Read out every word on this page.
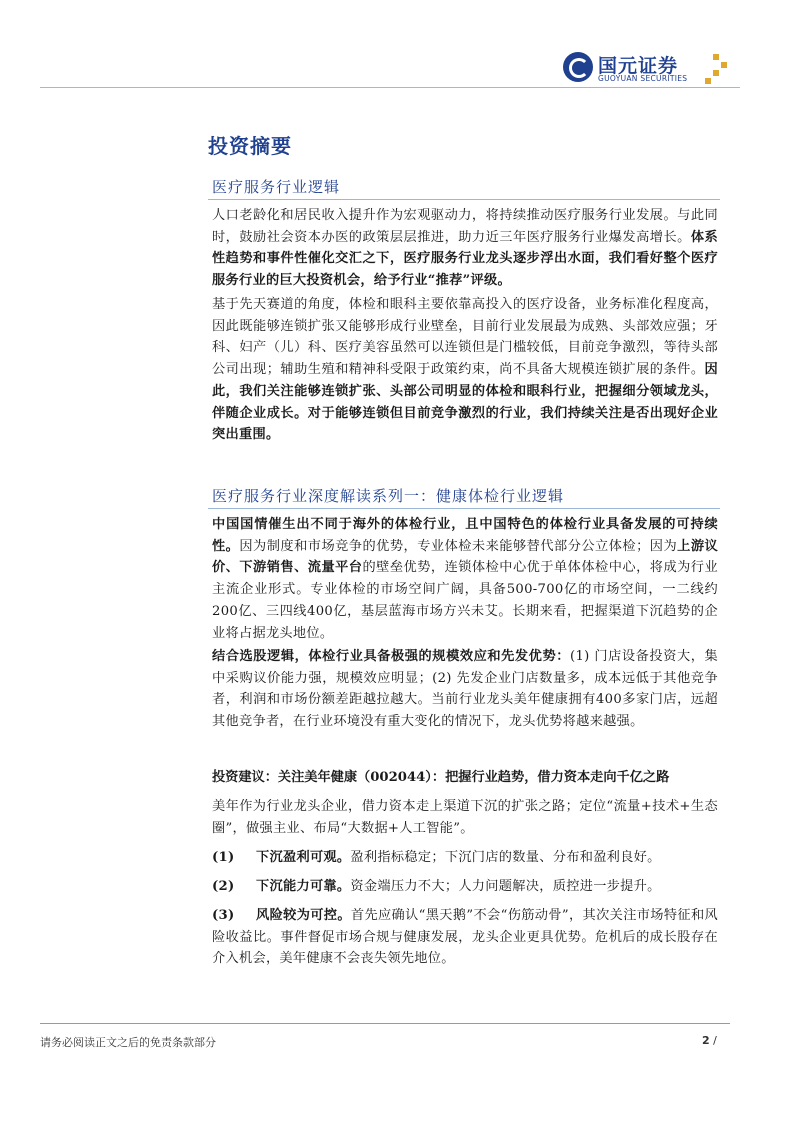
国元证券
GUOYUAN SECURITIES
投资摘要
医疗服务行业逻辑
人口老龄化和居民收入提升作为宏观驱动力，将持续推动医疗服务行业发展。与此同时，鼓励社会资本办医的政策层层推进，助力近三年医疗服务行业爆发高增长。体系性趋势和事件性催化交汇之下，医疗服务行业龙头逐步浮出水面，我们看好整个医疗服务行业的巨大投资机会，给予行业“推荐”评级。
基于先天赛道的角度，体检和眼科主要依靠高投入的医疗设备，业务标准化程度高，因此既能够连锁扩张又能够形成行业壁垒，目前行业发展最为成熟、头部效应强；牙科、妇产（儿）科、医疗美容虽然可以连锁但是门槛较低，目前竞争激烈，等待头部公司出现；辅助生殖和精神科受限于政策约束，尚不具备大规模连锁扩展的条件。因此，我们关注能够连锁扩张、头部公司明显的体检和眼科行业，把握细分领域龙头，伴随企业成长。对于能够连锁但目前竞争激烈的行业，我们持续关注是否出现好企业突出重围。
医疗服务行业深度解读系列一：健康体检行业逻辑
中国国情催生出不同于海外的体检行业，且中国特色的体检行业具备发展的可持续性。因为制度和市场竞争的优势，专业体检未来能够替代部分公立体检；因为上游议价、下游销售、流量平台的壁垒优势，连锁体检中心优于单体体检中心，将成为行业主流企业形式。专业体检的市场空间广阔，具备500-700亿的市场空间，一二线约200亿、三四线400亿，基层蓝海市场方兴未艾。长期来看，把握渠道下沉趋势的企业将占据龙头地位。
结合选股逻辑，体检行业具备极强的规模效应和先发优势：(1) 门店设备投资大，集中采购议价能力强，规模效应明显；(2) 先发企业门店数量多，成本远低于其他竞争者，利润和市场份额差距越拉越大。当前行业龙头美年健康拥有400多家门店，远超其他竞争者，在行业环境没有重大变化的情况下，龙头优势将越来越强。
投资建议：关注美年健康（002044）：把握行业趋势，借力资本走向千亿之路
美年作为行业龙头企业，借力资本走上渠道下沉的扩张之路；定位“流量+技术+生态圈”，做强主业、布局“大数据+人工智能”。
(1) 下沉盈利可观。盈利指标稳定；下沉门店的数量、分布和盈利良好。
(2) 下沉能力可靠。资金端压力不大；人力问题解决，质控进一步提升。
(3) 风险较为可控。首先应确认“黑天鹅”不会“伤筋动骨”，其次关注市场特征和风险收益比。事件督促市场合规与健康发展，龙头企业更具优势。危机后的成长股存在介入机会，美年健康不会丧失领先地位。
请务必阅读正文之后的免责条款部分	2 /
